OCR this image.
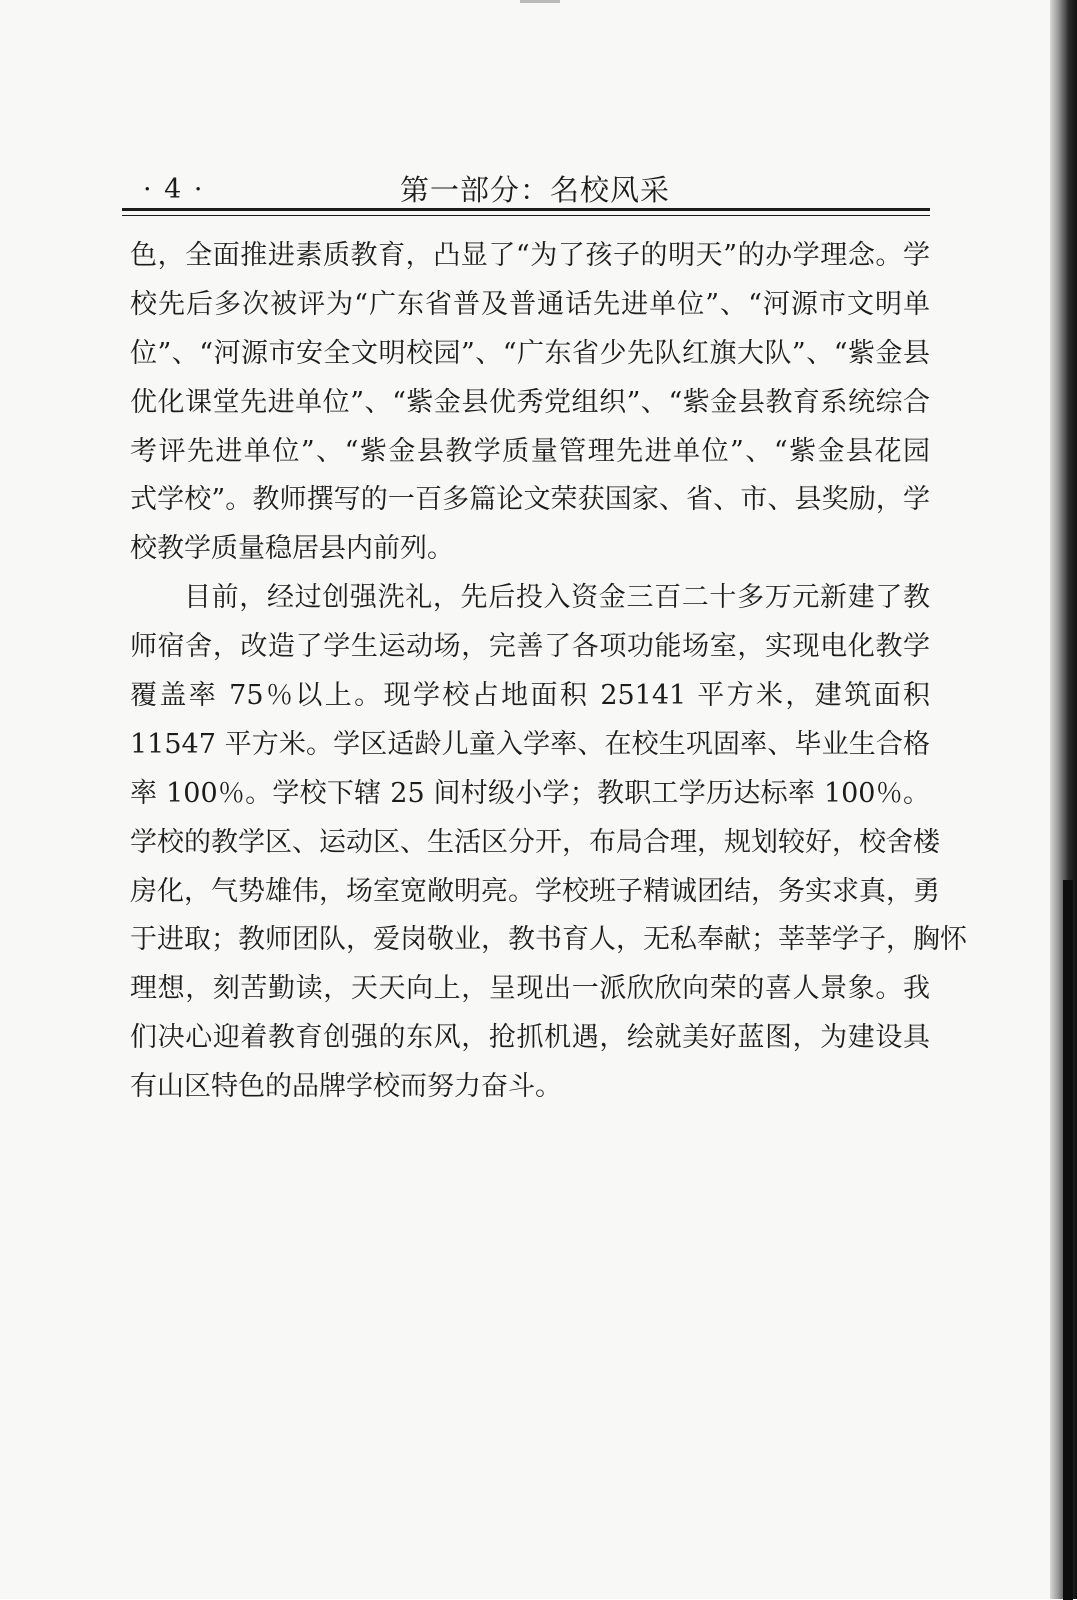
· 4 ·	第一部分：名校风采
色，全面推进素质教育，凸显了“为了孩子的明天”的办学理念。学
校先后多次被评为“广东省普及普通话先进单位”、“河源市文明单
位”、“河源市安全文明校园”、“广东省少先队红旗大队”、“紫金县
优化课堂先进单位”、“紫金县优秀党组织”、“紫金县教育系统综合
考评先进单位”、“紫金县教学质量管理先进单位”、“紫金县花园
式学校”。教师撰写的一百多篇论文荣获国家、省、市、县奖励，学
校教学质量稳居县内前列。
目前，经过创强洗礼，先后投入资金三百二十多万元新建了教
师宿舍，改造了学生运动场，完善了各项功能场室，实现电化教学
覆盖率 75％以上。现学校占地面积 25141 平方米，建筑面积
11547 平方米。学区适龄儿童入学率、在校生巩固率、毕业生合格
率 100％。学校下辖 25 间村级小学；教职工学历达标率 100％。
学校的教学区、运动区、生活区分开，布局合理，规划较好，校舍楼
房化，气势雄伟，场室宽敞明亮。学校班子精诚团结，务实求真，勇
于进取；教师团队，爱岗敬业，教书育人，无私奉献；莘莘学子，胸怀
理想，刻苦勤读，天天向上，呈现出一派欣欣向荣的喜人景象。我
们决心迎着教育创强的东风，抢抓机遇，绘就美好蓝图，为建设具
有山区特色的品牌学校而努力奋斗。
